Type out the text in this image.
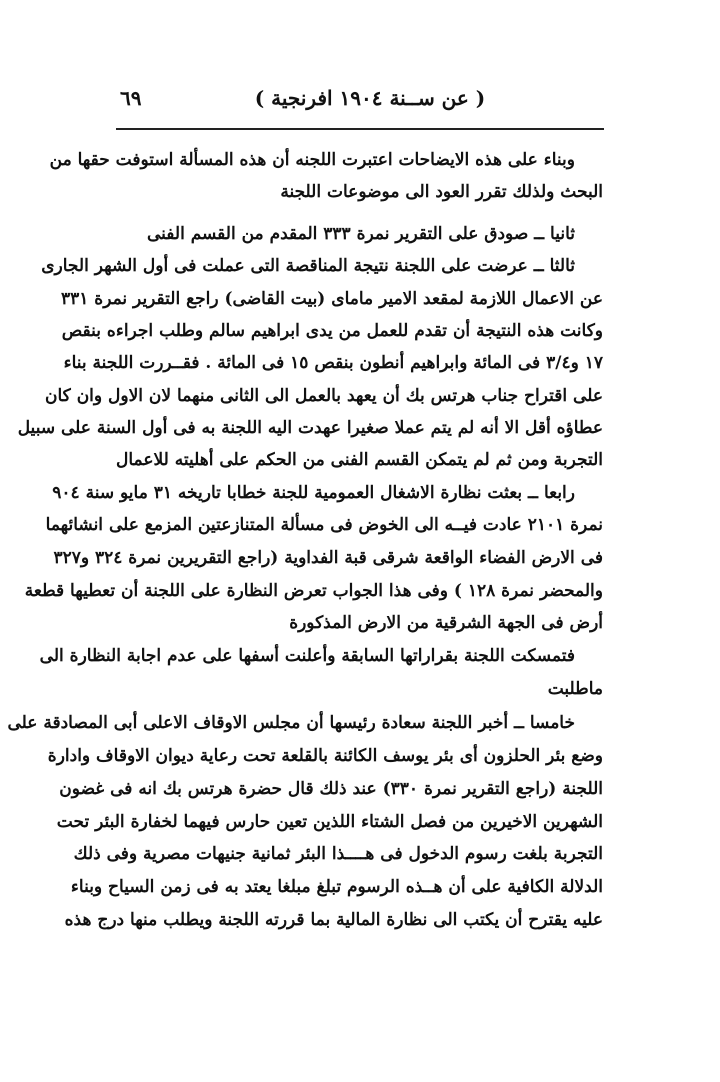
( عن ســنة ١٩٠٤ افرنجية )
٦٩
وبناء على هذه الايضاحات اعتبرت اللجنه أن هذه المسألة استوفت حقها من
البحث ولذلك تقرر العود الى موضوعات اللجنة
ثانيا ــ صودق على التقرير نمرة ٣٣٣ المقدم من القسم الفنى
ثالثا ــ عرضت على اللجنة نتيجة المناقصة التى عملت فى أول الشهر الجارى
عن الاعمال اللازمة لمقعد الامير ماماى (بيت القاضى) راجع التقرير نمرة ٣٣١
وكانت هذه النتيجة أن تقدم للعمل من يدى ابراهيم سالم وطلب اجراءه بنقص
١٧ و٣/٤ فى المائة وابراهيم أنطون بنقص ١٥ فى المائة . فقــررت اللجنة بناء
على اقتراح جناب هرتس بك أن يعهد بالعمل الى الثانى منهما لان الاول وان كان
عطاؤه أقل الا أنه لم يتم عملا صغيرا عهدت اليه اللجنة به فى أول السنة على سبيل
التجربة ومن ثم لم يتمكن القسم الفنى من الحكم على أهليته للاعمال
رابعا ــ بعثت نظارة الاشغال العمومية للجنة خطابا تاريخه ٣١ مايو سنة ٩٠٤
نمرة ٢١٠١ عادت فيــه الى الخوض فى مسألة المتنازعتين المزمع على انشائهما
فى الارض الفضاء الواقعة شرقى قبة الفداوية (راجع التقريرين نمرة ٣٢٤ و٣٢٧
والمحضر نمرة ١٢٨ ) وفى هذا الجواب تعرض النظارة على اللجنة أن تعطيها قطعة
أرض فى الجهة الشرقية من الارض المذكورة
فتمسكت اللجنة بقراراتها السابقة وأعلنت أسفها على عدم اجابة النظارة الى
ماطلبت
خامسا ــ أخبر اللجنة سعادة رئيسها أن مجلس الاوقاف الاعلى أبى المصادقة على
وضع بئر الحلزون أى بئر يوسف الكائنة بالقلعة تحت رعاية ديوان الاوقاف وادارة
اللجنة (راجع التقرير نمرة ٣٣٠) عند ذلك قال حضرة هرتس بك انه فى غضون
الشهرين الاخيرين من فصل الشتاء اللذين تعين حارس فيهما لخفارة البئر تحت
التجربة بلغت رسوم الدخول فى هــــذا البئر ثمانية جنيهات مصرية وفى ذلك
الدلالة الكافية على أن هــذه الرسوم تبلغ مبلغا يعتد به فى زمن السياح وبناء
عليه يقترح أن يكتب الى نظارة المالية بما قررته اللجنة ويطلب منها درج هذه
